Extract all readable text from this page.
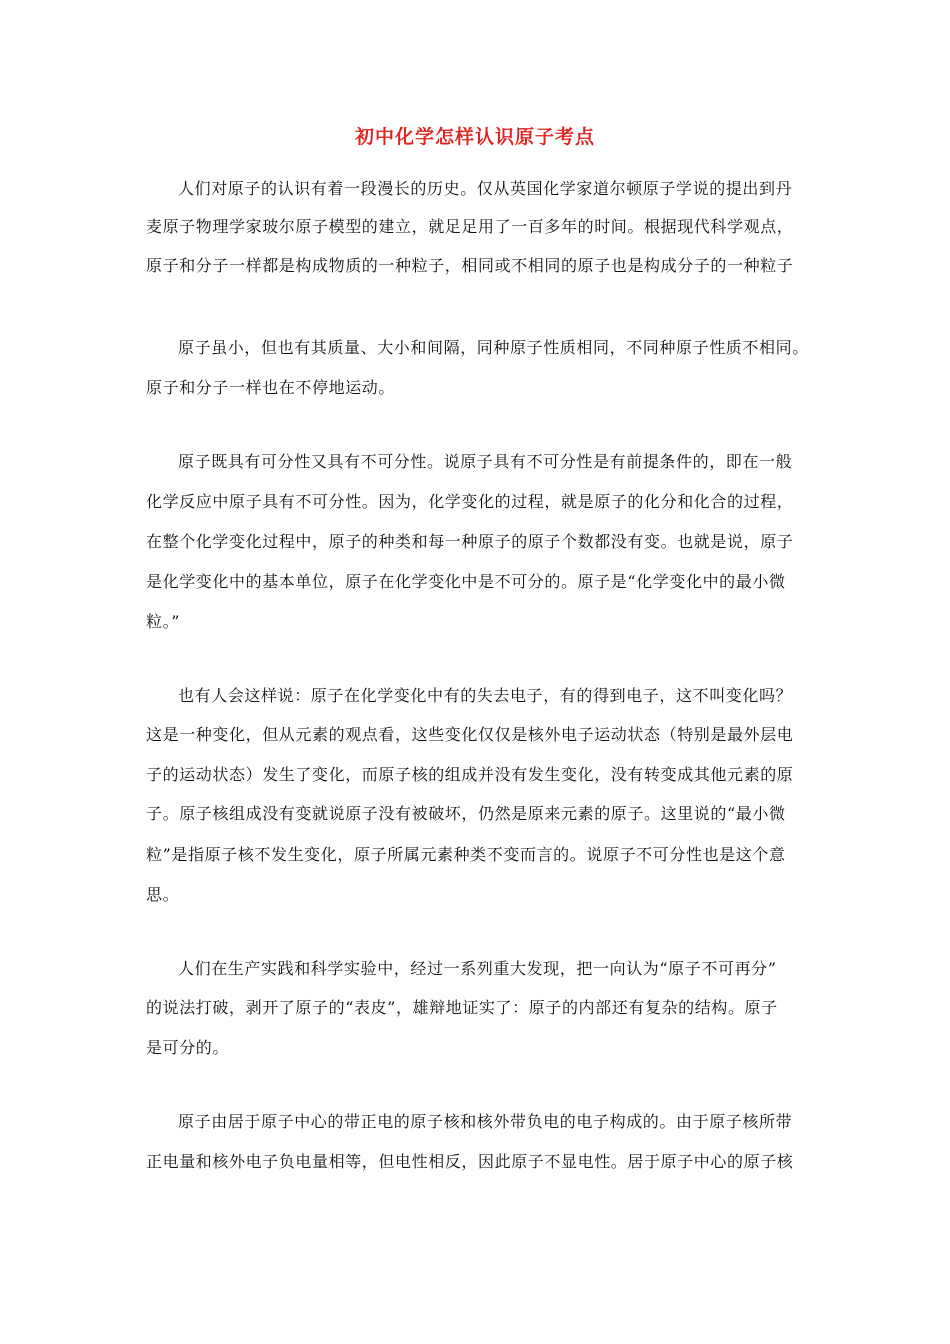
初中化学怎样认识原子考点
人们对原子的认识有着一段漫长的历史。仅从英国化学家道尔顿原子学说的提出到丹
麦原子物理学家玻尔原子模型的建立，就足足用了一百多年的时间。根据现代科学观点，
原子和分子一样都是构成物质的一种粒子，相同或不相同的原子也是构成分子的一种粒子
原子虽小，但也有其质量、大小和间隔，同种原子性质相同，不同种原子性质不相同。
原子和分子一样也在不停地运动。
原子既具有可分性又具有不可分性。说原子具有不可分性是有前提条件的，即在一般
化学反应中原子具有不可分性。因为，化学变化的过程，就是原子的化分和化合的过程，
在整个化学变化过程中，原子的种类和每一种原子的原子个数都没有变。也就是说，原子
是化学变化中的基本单位，原子在化学变化中是不可分的。原子是“化学变化中的最小微
粒。”
也有人会这样说：原子在化学变化中有的失去电子，有的得到电子，这不叫变化吗？
这是一种变化，但从元素的观点看，这些变化仅仅是核外电子运动状态（特别是最外层电
子的运动状态）发生了变化，而原子核的组成并没有发生变化，没有转变成其他元素的原
子。原子核组成没有变就说原子没有被破坏，仍然是原来元素的原子。这里说的“最小微
粒”是指原子核不发生变化，原子所属元素种类不变而言的。说原子不可分性也是这个意
思。
人们在生产实践和科学实验中，经过一系列重大发现，把一向认为“原子不可再分”
的说法打破，剥开了原子的“表皮”，雄辩地证实了：原子的内部还有复杂的结构。原子
是可分的。
原子由居于原子中心的带正电的原子核和核外带负电的电子构成的。由于原子核所带
正电量和核外电子负电量相等，但电性相反，因此原子不显电性。居于原子中心的原子核
